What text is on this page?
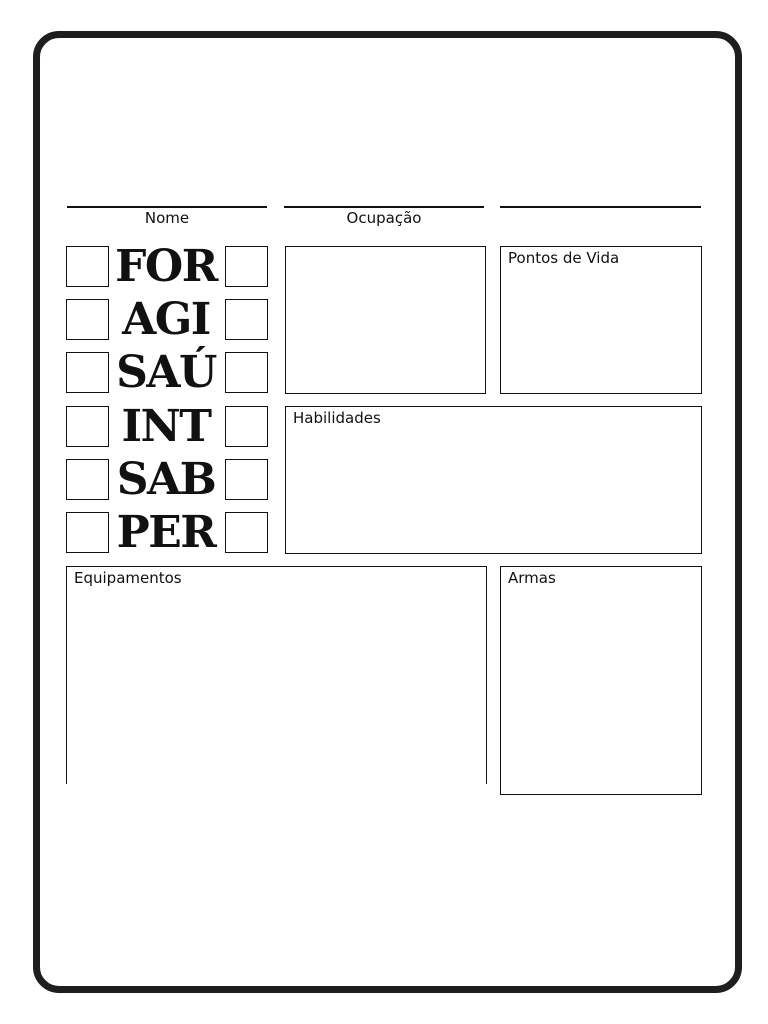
Nome	Ocupação
FOR
AGI
SAÚ
INT
SAB
PER
Pontos de Vida
Habilidades
Equipamentos	Armas
